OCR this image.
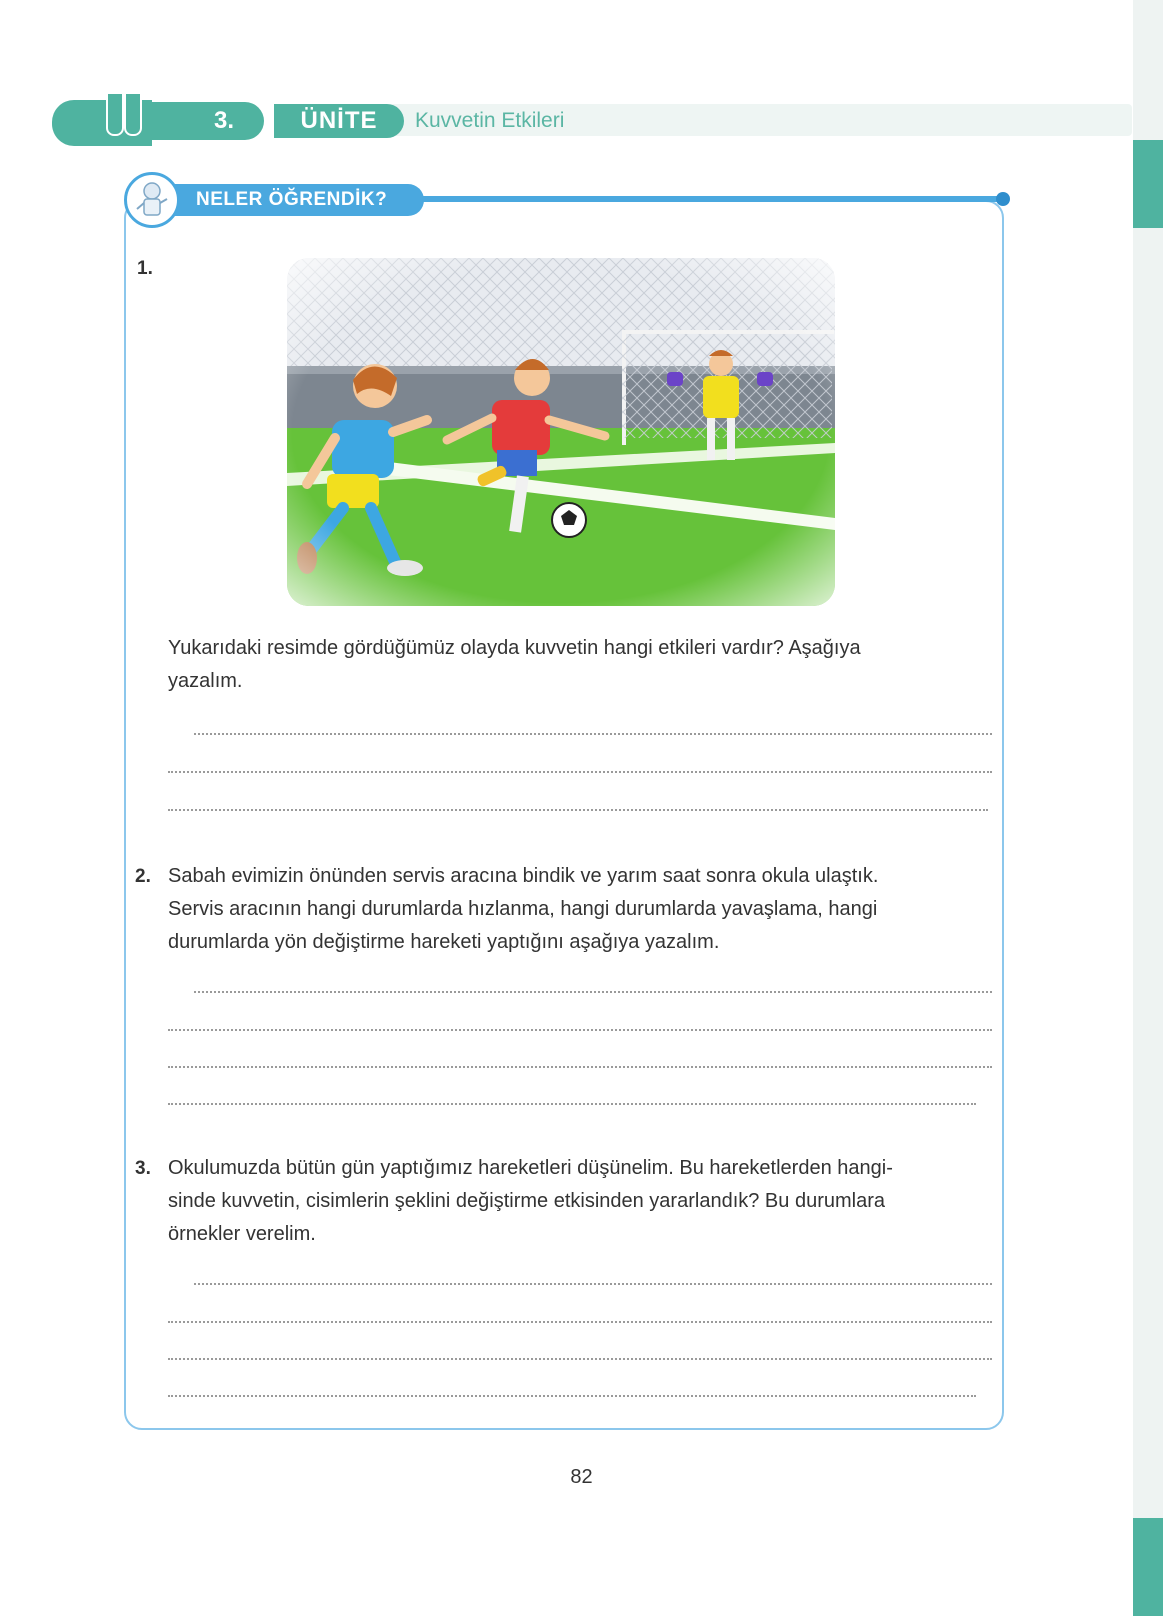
3.	ÜNİTE	Kuvvetin Etkileri
NELER ÖĞRENDİK?
1.
Yukarıdaki resimde gördüğümüz olayda kuvvetin hangi etkileri vardır? Aşağıya
yazalım.
2. Sabah evimizin önünden servis aracına bindik ve yarım saat sonra okula ulaştık.
Servis aracının hangi durumlarda hızlanma, hangi durumlarda yavaşlama, hangi
durumlarda yön değiştirme hareketi yaptığını aşağıya yazalım.
3. Okulumuzda bütün gün yaptığımız hareketleri düşünelim. Bu hareketlerden hangi-
sinde kuvvetin, cisimlerin şeklini değiştirme etkisinden yararlandık? Bu durumlara
örnekler verelim.
82
